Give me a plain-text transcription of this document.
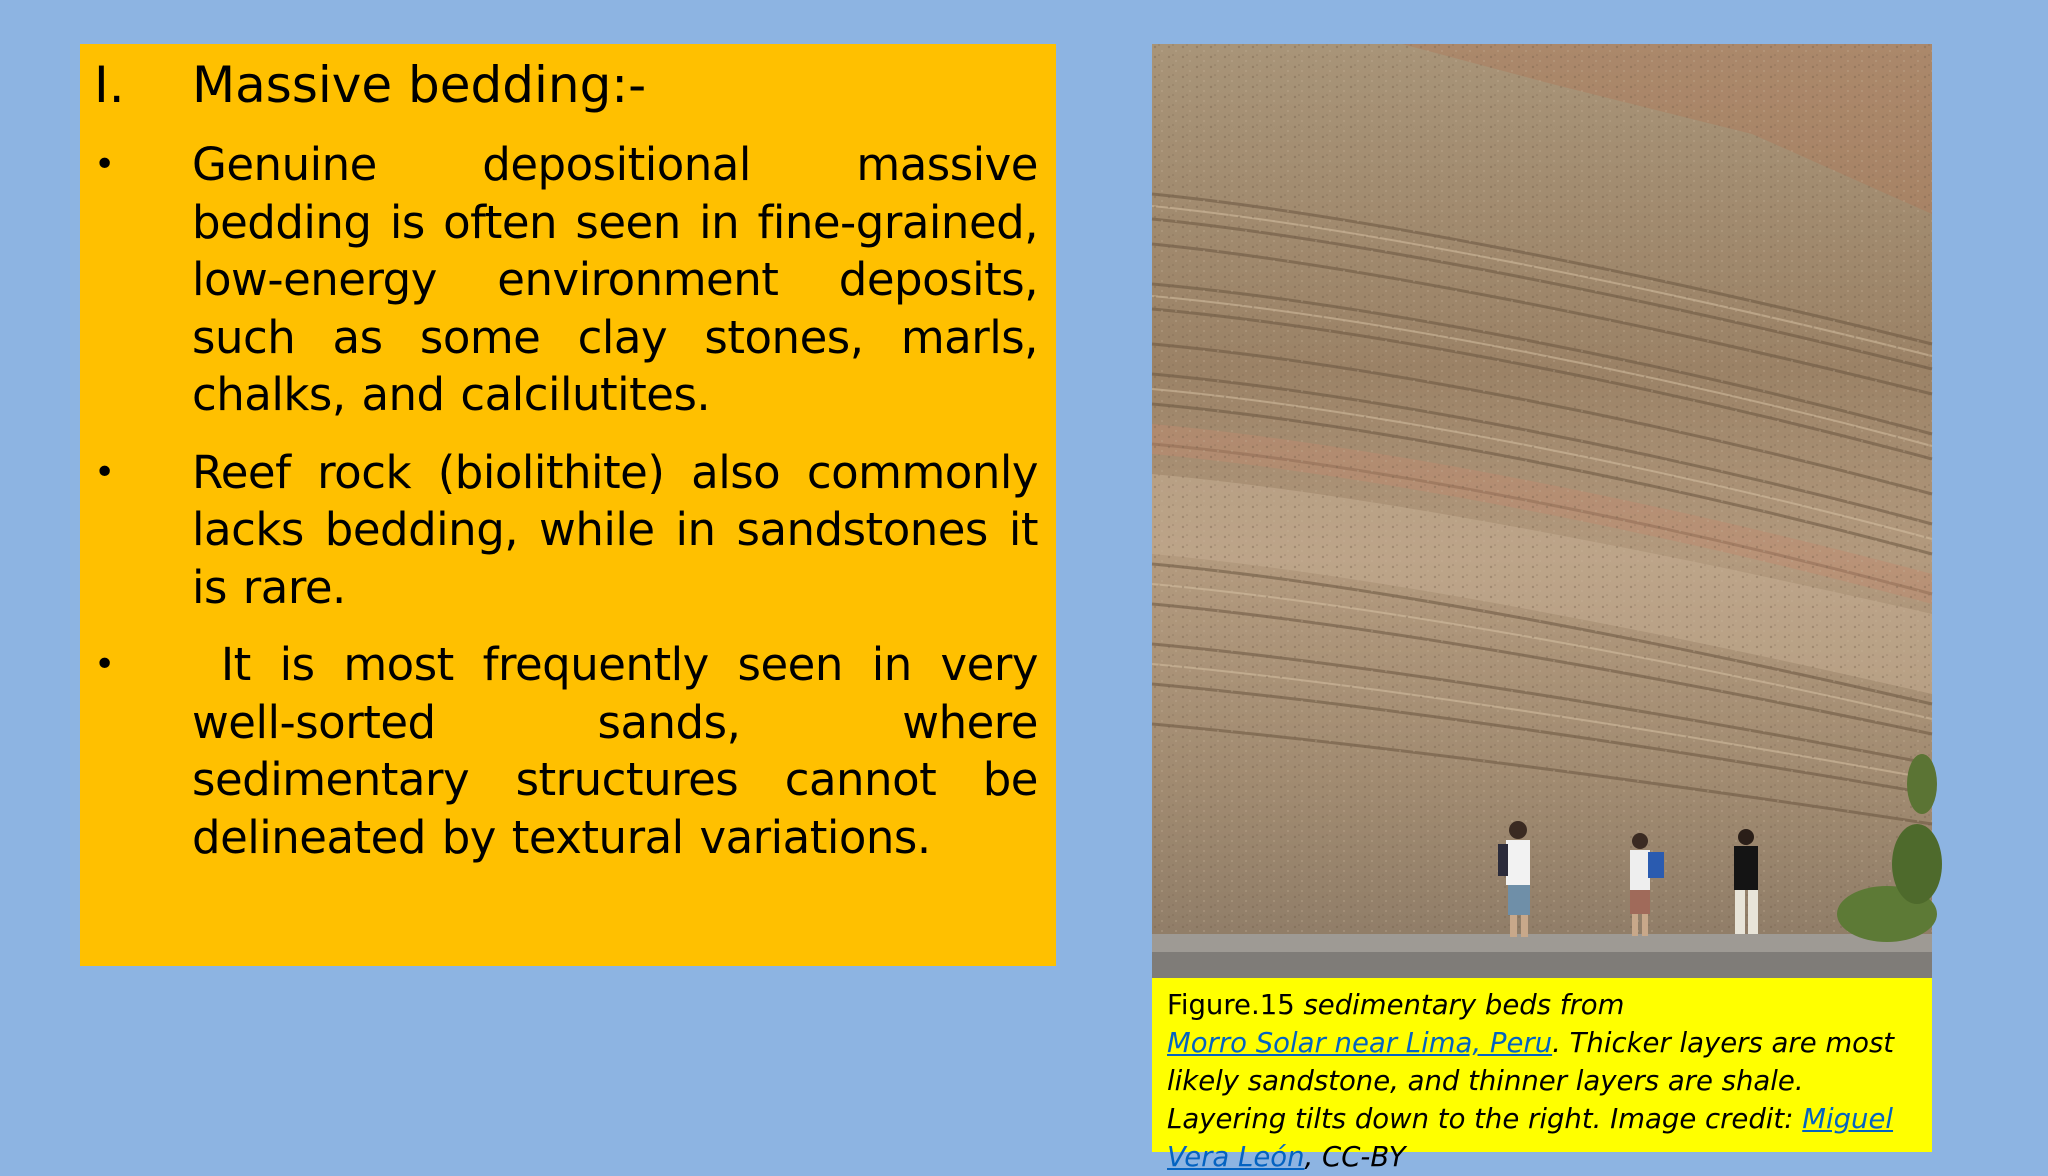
I.	Massive bedding:-
•	Genuine depositional massive bedding is often seen in fine-grained, low-energy environment deposits, such as some clay stones, marls, chalks, and calcilutites.
•	Reef rock (biolithite) also commonly lacks bedding, while in sandstones it is rare.
•	It is most frequently seen in very well-sorted sands, where sedimentary structures cannot be delineated by textural variations.
Figure.15 sedimentary beds from
Morro Solar near Lima, Peru. Thicker layers are most likely sandstone, and thinner layers are shale. Layering tilts down to the right. Image credit: Miguel Vera León, CC-BY
